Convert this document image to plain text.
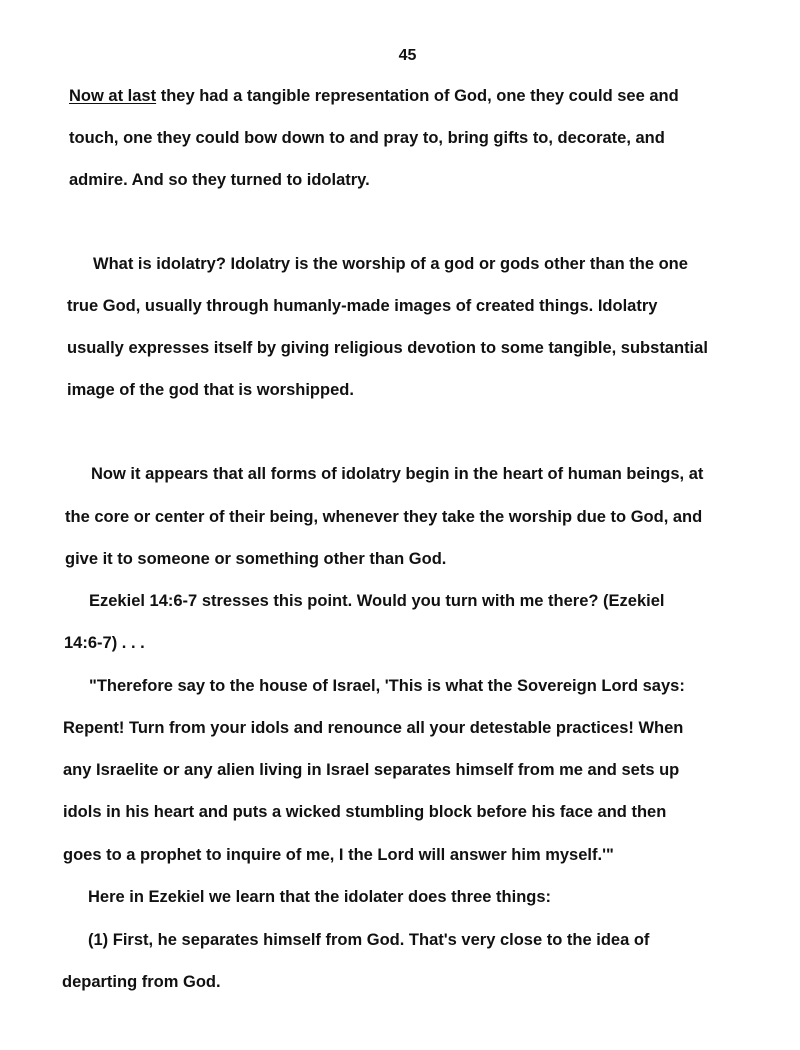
45
Now at last they had a tangible representation of God, one they could see and
touch, one they could bow down to and pray to, bring gifts to, decorate, and
admire. And so they turned to idolatry.
What is idolatry? Idolatry is the worship of a god or gods other than the one
true God, usually through humanly-made images of created things. Idolatry
usually expresses itself by giving religious devotion to some tangible, substantial
image of the god that is worshipped.
Now it appears that all forms of idolatry begin in the heart of human beings, at
the core or center of their being, whenever they take the worship due to God, and
give it to someone or something other than God.
Ezekiel 14:6-7 stresses this point. Would you turn with me there? (Ezekiel
14:6-7) . . .
"Therefore say to the house of Israel, 'This is what the Sovereign Lord says:
Repent! Turn from your idols and renounce all your detestable practices! When
any Israelite or any alien living in Israel separates himself from me and sets up
idols in his heart and puts a wicked stumbling block before his face and then
goes to a prophet to inquire of me, I the Lord will answer him myself.'"
Here in Ezekiel we learn that the idolater does three things:
(1) First, he separates himself from God. That's very close to the idea of
departing from God.
